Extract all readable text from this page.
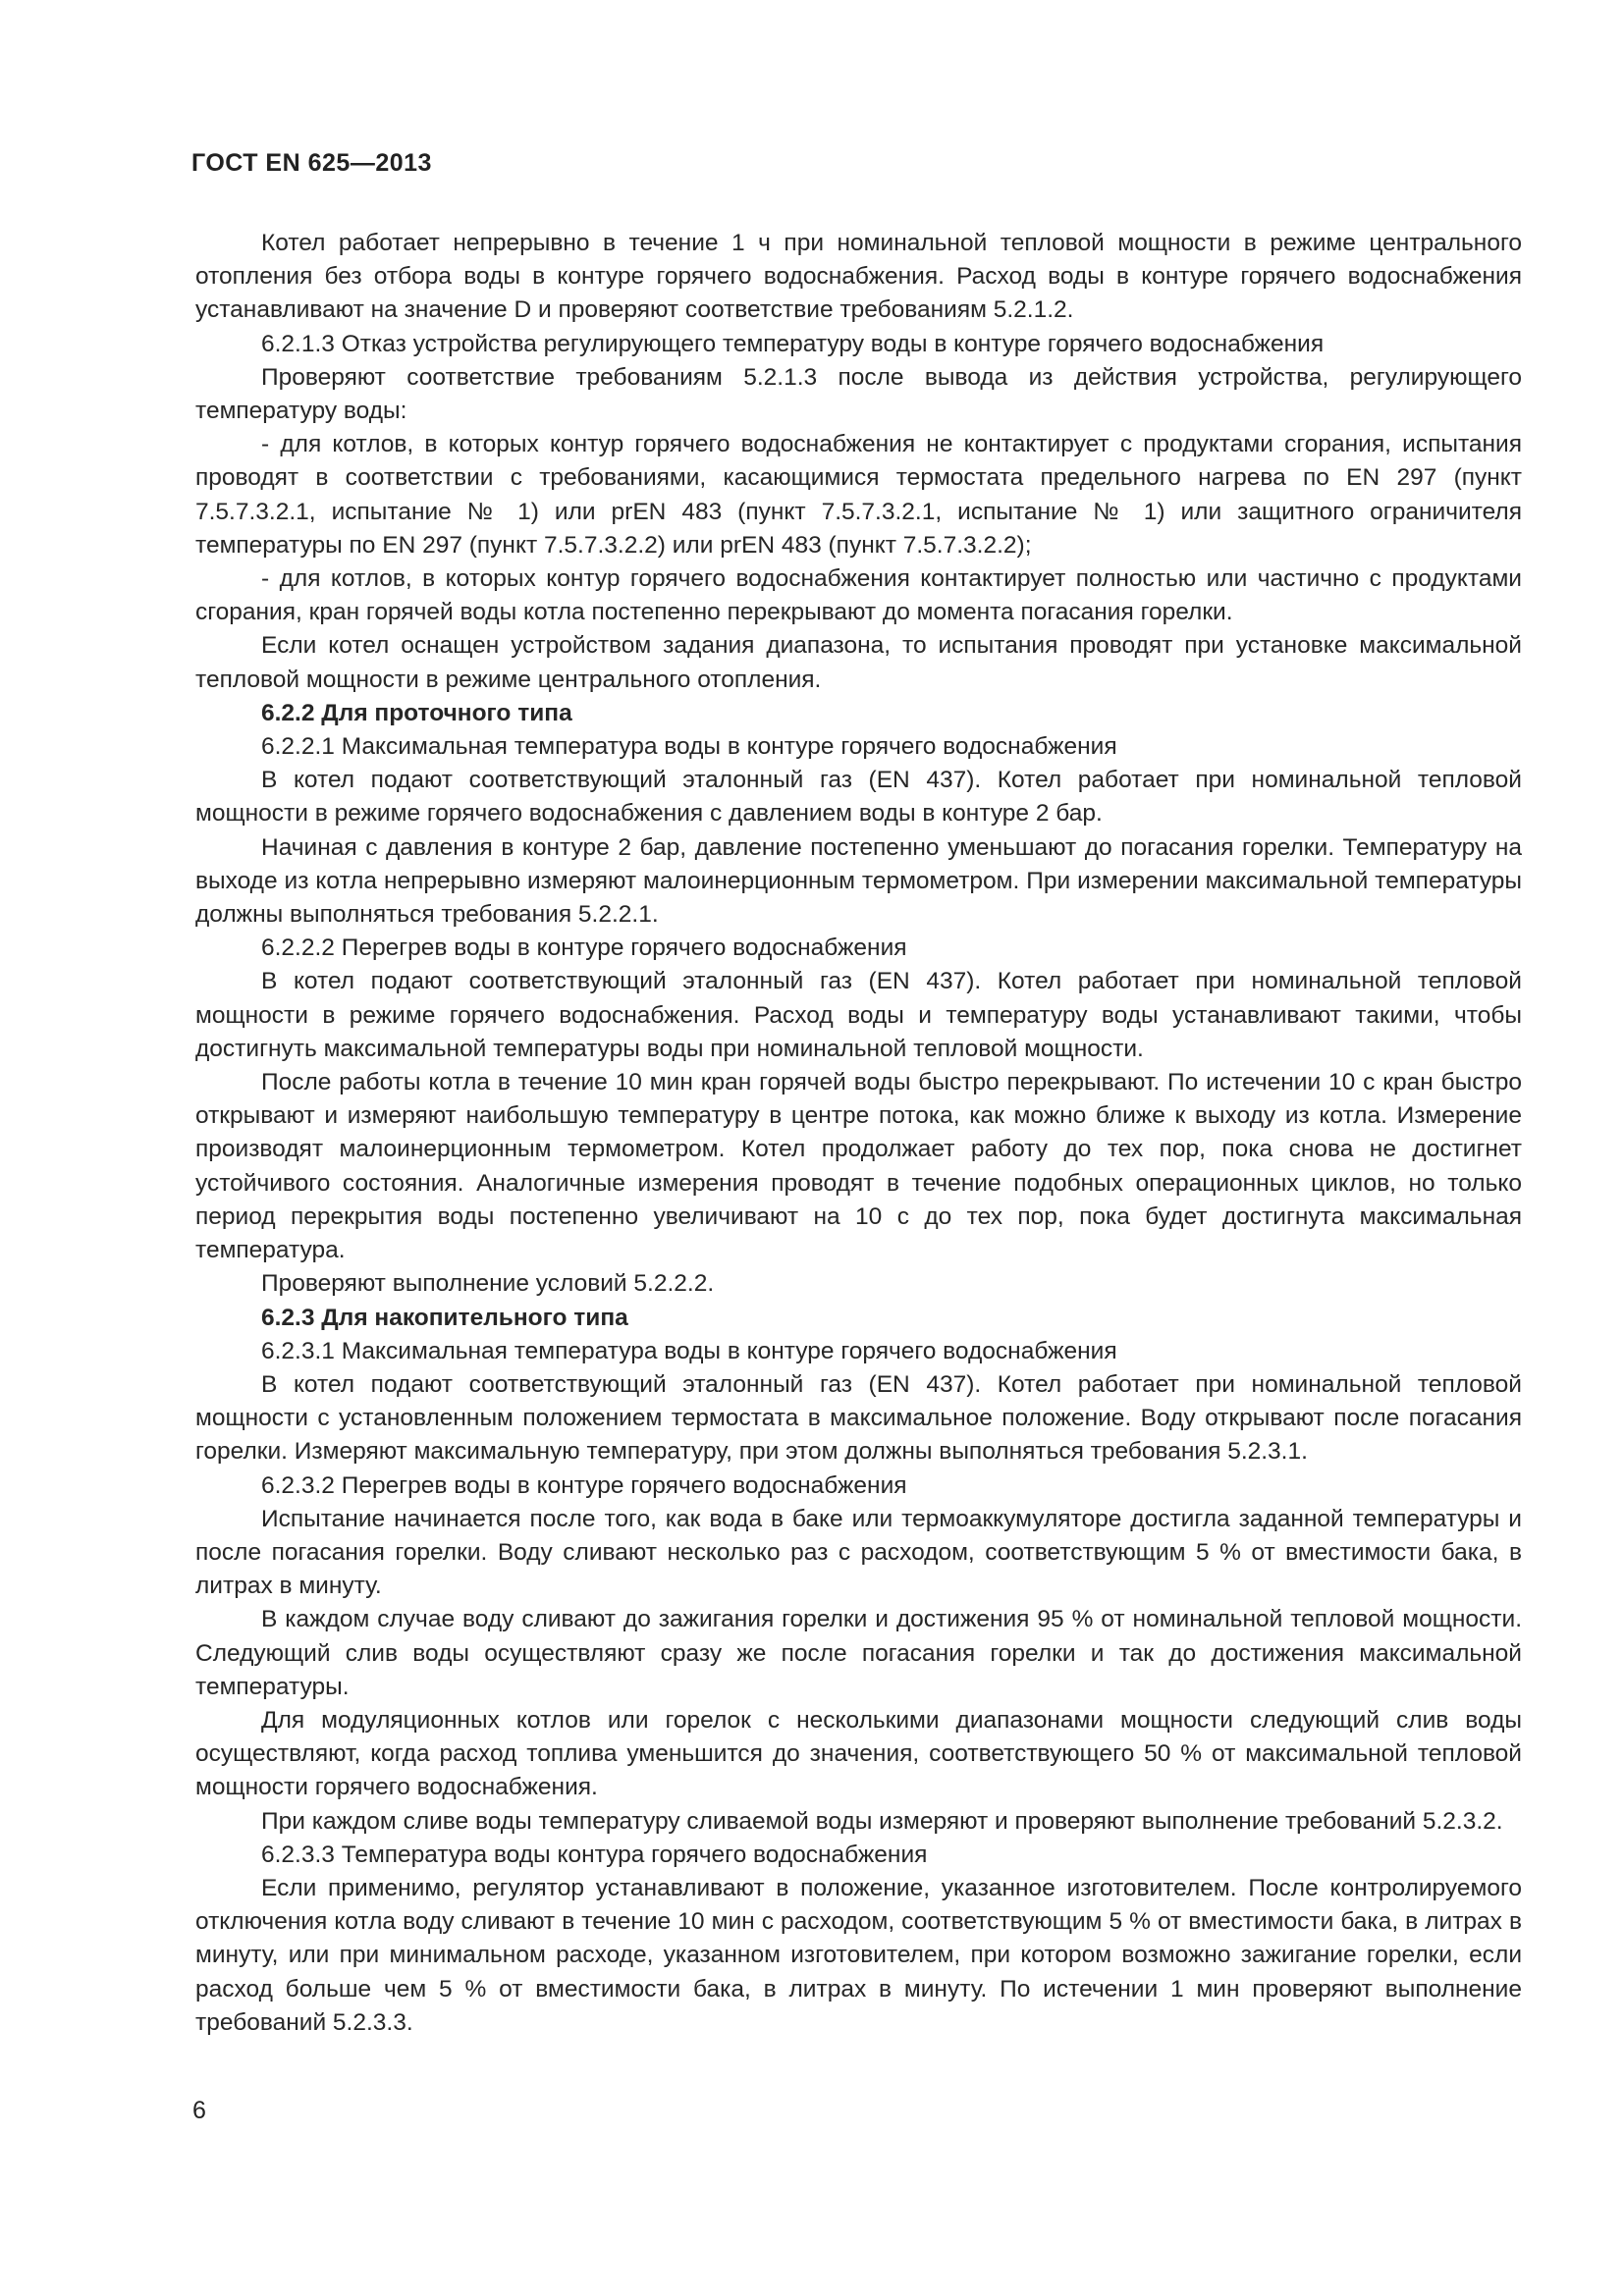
ГОСТ EN 625—2013

Котел работает непрерывно в течение 1 ч при номинальной тепловой мощности в режиме центрального отопления без отбора воды в контуре горячего водоснабжения. Расход воды в контуре горячего водоснабжения устанавливают на значение D и проверяют соответствие требованиям 5.2.1.2.

6.2.1.3 Отказ устройства регулирующего температуру воды в контуре горячего водоснабжения

Проверяют соответствие требованиям 5.2.1.3 после вывода из действия устройства, регулирующего температуру воды:

- для котлов, в которых контур горячего водоснабжения не контактирует с продуктами сгорания, испытания проводят в соответствии с требованиями, касающимися термостата предельного нагрева по EN 297 (пункт 7.5.7.3.2.1, испытание № 1) или prEN 483 (пункт 7.5.7.3.2.1, испытание № 1) или защитного ограничителя температуры по EN 297 (пункт 7.5.7.3.2.2) или prEN 483 (пункт 7.5.7.3.2.2);

- для котлов, в которых контур горячего водоснабжения контактирует полностью или частично с продуктами сгорания, кран горячей воды котла постепенно перекрывают до момента погасания горелки.

Если котел оснащен устройством задания диапазона, то испытания проводят при установке максимальной тепловой мощности в режиме центрального отопления.

6.2.2 Для проточного типа

6.2.2.1 Максимальная температура воды в контуре горячего водоснабжения

В котел подают соответствующий эталонный газ (EN 437). Котел работает при номинальной тепловой мощности в режиме горячего водоснабжения с давлением воды в контуре 2 бар.

Начиная с давления в контуре 2 бар, давление постепенно уменьшают до погасания горелки. Температуру на выходе из котла непрерывно измеряют малоинерционным термометром. При измерении максимальной температуры должны выполняться требования 5.2.2.1.

6.2.2.2 Перегрев воды в контуре горячего водоснабжения

В котел подают соответствующий эталонный газ (EN 437). Котел работает при номинальной тепловой мощности в режиме горячего водоснабжения. Расход воды и температуру воды устанавливают такими, чтобы достигнуть максимальной температуры воды при номинальной тепловой мощности.

После работы котла в течение 10 мин кран горячей воды быстро перекрывают. По истечении 10 с кран быстро открывают и измеряют наибольшую температуру в центре потока, как можно ближе к выходу из котла. Измерение производят малоинерционным термометром. Котел продолжает работу до тех пор, пока снова не достигнет устойчивого состояния. Аналогичные измерения проводят в течение подобных операционных циклов, но только период перекрытия воды постепенно увеличивают на 10 с до тех пор, пока будет достигнута максимальная температура.

Проверяют выполнение условий 5.2.2.2.

6.2.3 Для накопительного типа

6.2.3.1 Максимальная температура воды в контуре горячего водоснабжения

В котел подают соответствующий эталонный газ (EN 437). Котел работает при номинальной тепловой мощности с установленным положением термостата в максимальное положение. Воду открывают после погасания горелки. Измеряют максимальную температуру, при этом должны выполняться требования 5.2.3.1.

6.2.3.2 Перегрев воды в контуре горячего водоснабжения

Испытание начинается после того, как вода в баке или термоаккумуляторе достигла заданной температуры и после погасания горелки. Воду сливают несколько раз с расходом, соответствующим 5 % от вместимости бака, в литрах в минуту.

В каждом случае воду сливают до зажигания горелки и достижения 95 % от номинальной тепловой мощности. Следующий слив воды осуществляют сразу же после погасания горелки и так до достижения максимальной температуры.

Для модуляционных котлов или горелок с несколькими диапазонами мощности следующий слив воды осуществляют, когда расход топлива уменьшится до значения, соответствующего 50 % от максимальной тепловой мощности горячего водоснабжения.

При каждом сливе воды температуру сливаемой воды измеряют и проверяют выполнение требований 5.2.3.2.

6.2.3.3 Температура воды контура горячего водоснабжения

Если применимо, регулятор устанавливают в положение, указанное изготовителем. После контролируемого отключения котла воду сливают в течение 10 мин с расходом, соответствующим 5 % от вместимости бака, в литрах в минуту, или при минимальном расходе, указанном изготовителем, при котором возможно зажигание горелки, если расход больше чем 5 % от вместимости бака, в литрах в минуту. По истечении 1 мин проверяют выполнение требований 5.2.3.3.

6
